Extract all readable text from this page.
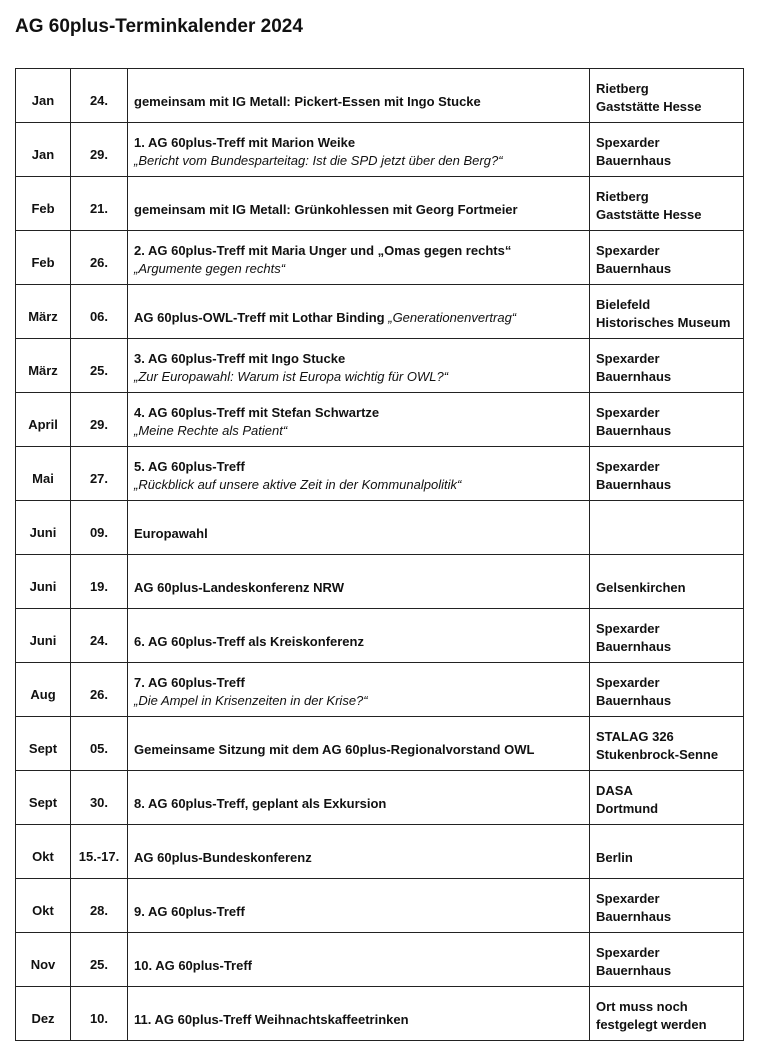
AG 60plus-Terminkalender 2024
Jan	24.	gemeinsam mit IG Metall: Pickert-Essen mit Ingo Stucke	Rietberg
Gaststätte Hesse

Jan	29.	1. AG 60plus-Treff mit Marion Weike
„Bericht vom Bundesparteitag: Ist die SPD jetzt über den Berg?“	Spexarder
Bauernhaus

Feb	21.	gemeinsam mit IG Metall: Grünkohlessen mit Georg Fortmeier	Rietberg
Gaststätte Hesse

Feb	26.	2. AG 60plus-Treff mit Maria Unger und „Omas gegen rechts“
„Argumente gegen rechts“	Spexarder
Bauernhaus

März	06.	AG 60plus-OWL-Treff mit Lothar Binding „Generationenvertrag“	Bielefeld
Historisches Museum

März	25.	3. AG 60plus-Treff mit Ingo Stucke
„Zur Europawahl: Warum ist Europa wichtig für OWL?“	Spexarder
Bauernhaus

April	29.	4. AG 60plus-Treff mit Stefan Schwartze
„Meine Rechte als Patient“	Spexarder
Bauernhaus

Mai	27.	5. AG 60plus-Treff
„Rückblick auf unsere aktive Zeit in der Kommunalpolitik“	Spexarder
Bauernhaus

Juni	09.	Europawahl	

Juni	19.	AG 60plus-Landeskonferenz NRW	Gelsenkirchen

Juni	24.	6. AG 60plus-Treff als Kreiskonferenz	Spexarder
Bauernhaus

Aug	26.	7. AG 60plus-Treff
„Die Ampel in Krisenzeiten in der Krise?“	Spexarder
Bauernhaus

Sept	05.	Gemeinsame Sitzung mit dem AG 60plus-Regionalvorstand OWL	STALAG 326
Stukenbrock-Senne

Sept	30.	8. AG 60plus-Treff, geplant als Exkursion	DASA
Dortmund

Okt	15.-17.	AG 60plus-Bundeskonferenz	Berlin

Okt	28.	9. AG 60plus-Treff	Spexarder
Bauernhaus

Nov	25.	10. AG 60plus-Treff	Spexarder
Bauernhaus

Dez	10.	11. AG 60plus-Treff Weihnachtskaffeetrinken	Ort muss noch
festgelegt werden
